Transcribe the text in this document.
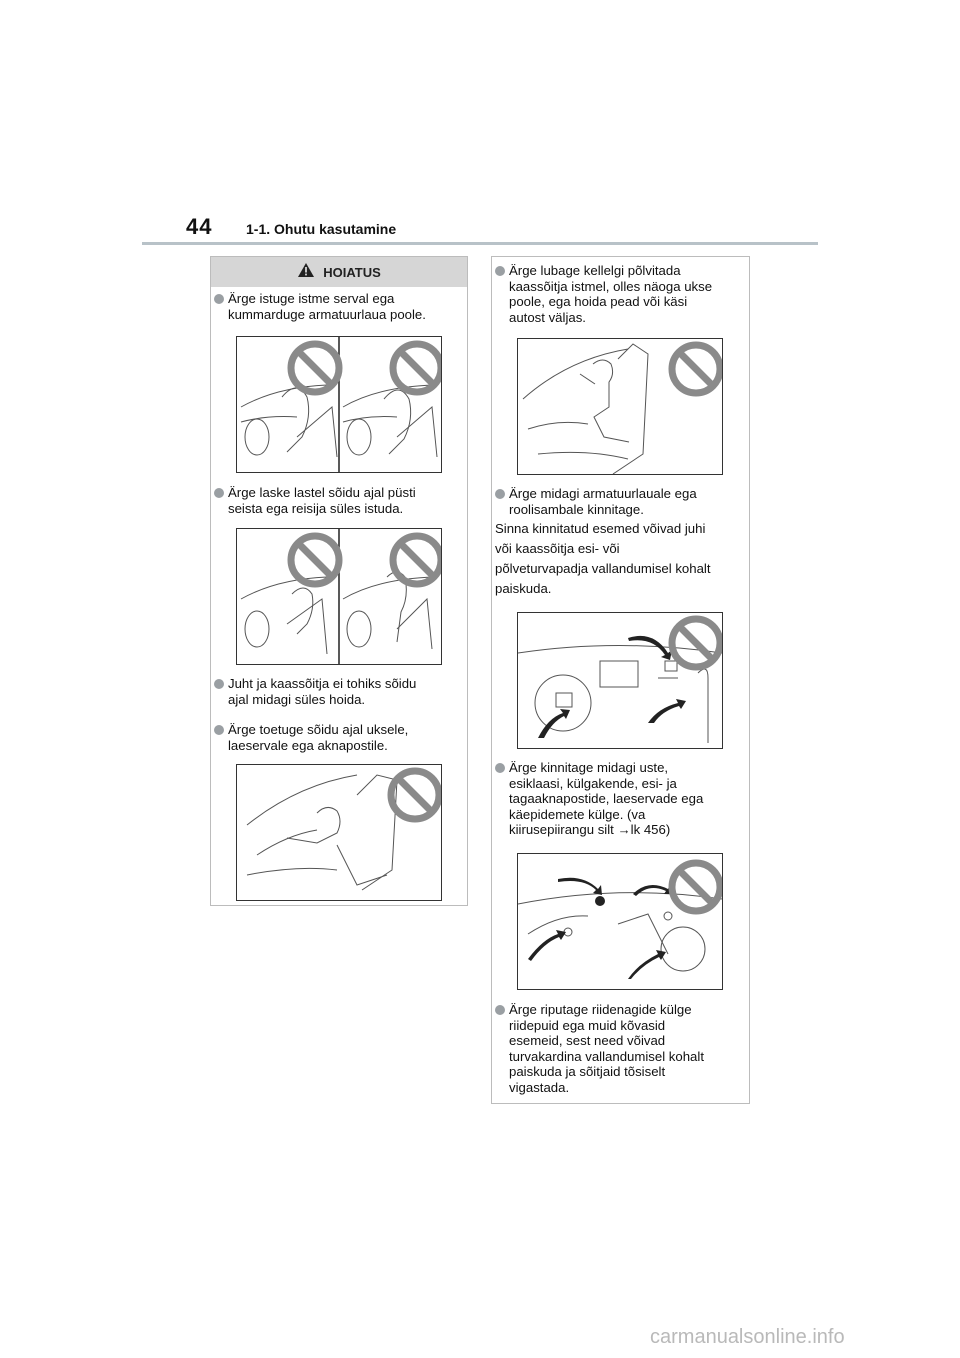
44 1-1. Ohutu kasutamine
HOIATUS
Ärge istuge istme serval ega
kummarduge armatuurlaua poole.
Ärge laske lastel sõidu ajal püsti
seista ega reisija süles istuda.
Juht ja kaassõitja ei tohiks sõidu
ajal midagi süles hoida.
Ärge toetuge sõidu ajal uksele,
laeservale ega aknapostile.
Ärge lubage kellelgi põlvitada
kaassõitja istmel, olles näoga ukse
poole, ega hoida pead või käsi
autost väljas.
Ärge midagi armatuurlauale ega
roolisambale kinnitage.
Sinna kinnitatud esemed võivad juhi
või kaassõitja esi- või
põlveturvapadja vallandumisel kohalt
paiskuda.
Ärge kinnitage midagi uste,
esiklaasi, külgakende, esi- ja
tagaaknapostide, laeservade ega
käepidemete külge. (va
kiirusepiirangu silt →lk 456)
Ärge riputage riidenagide külge
riidepuid ega muid kõvasid
esemeid, sest need võivad
turvakardina vallandumisel kohalt
paiskuda ja sõitjaid tõsiselt
vigastada.
carmanualsonline.info
